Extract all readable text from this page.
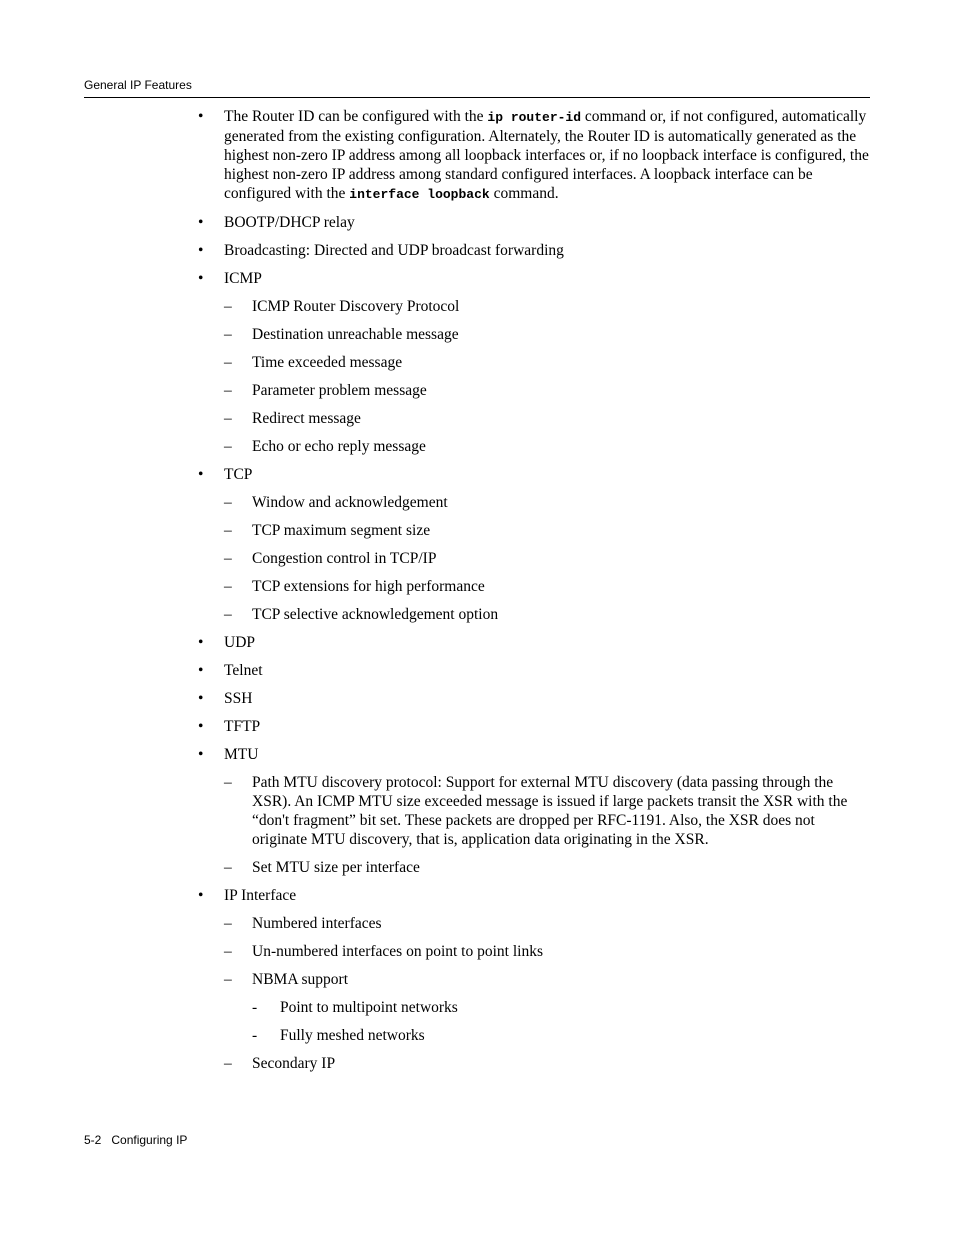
General IP Features
• The Router ID can be configured with the ip router-id command or, if not configured, automatically generated from the existing configuration. Alternately, the Router ID is automatically generated as the highest non-zero IP address among all loopback interfaces or, if no loopback interface is configured, the highest non-zero IP address among standard configured interfaces. A loopback interface can be configured with the interface loopback command.
• BOOTP/DHCP relay
• Broadcasting: Directed and UDP broadcast forwarding
• ICMP
– ICMP Router Discovery Protocol
– Destination unreachable message
– Time exceeded message
– Parameter problem message
– Redirect message
– Echo or echo reply message
• TCP
– Window and acknowledgement
– TCP maximum segment size
– Congestion control in TCP/IP
– TCP extensions for high performance
– TCP selective acknowledgement option
• UDP
• Telnet
• SSH
• TFTP
• MTU
– Path MTU discovery protocol: Support for external MTU discovery (data passing through the XSR). An ICMP MTU size exceeded message is issued if large packets transit the XSR with the “don't fragment” bit set. These packets are dropped per RFC-1191. Also, the XSR does not originate MTU discovery, that is, application data originating in the XSR.
– Set MTU size per interface
• IP Interface
– Numbered interfaces
– Un-numbered interfaces on point to point links
– NBMA support
- Point to multipoint networks
- Fully meshed networks
– Secondary IP
5-2 Configuring IP
